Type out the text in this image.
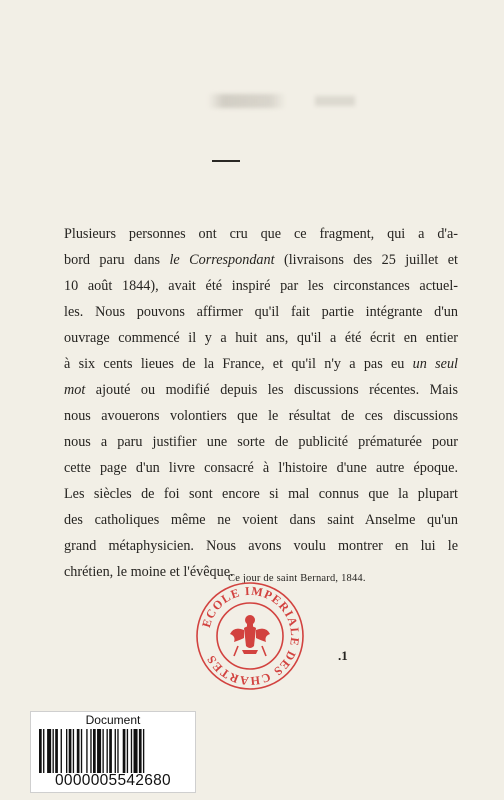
Plusieurs personnes ont cru que ce fragment, qui a d'a-
bord paru dans le Correspondant (livraisons des 25 juillet et
10 août 1844), avait été inspiré par les circonstances actuel-
les. Nous pouvons affirmer qu'il fait partie intégrante d'un
ouvrage commencé il y a huit ans, qu'il a été écrit en entier
à six cents lieues de la France, et qu'il n'y a pas eu un seul
mot ajouté ou modifié depuis les discussions récentes. Mais
nous avouerons volontiers que le résultat de ces discussions
nous a paru justifier une sorte de publicité prématurée pour
cette page d'un livre consacré à l'histoire d'une autre époque.
Les siècles de foi sont encore si mal connus que la plupart
des catholiques même ne voient dans saint Anselme qu'un
grand métaphysicien. Nous avons voulu montrer en lui le
chrétien, le moine et l'évêque.
Ce jour de saint Bernard, 1844.
ECOLE IMPERIALE DES CHARTES	.1
Document
0000005542680
